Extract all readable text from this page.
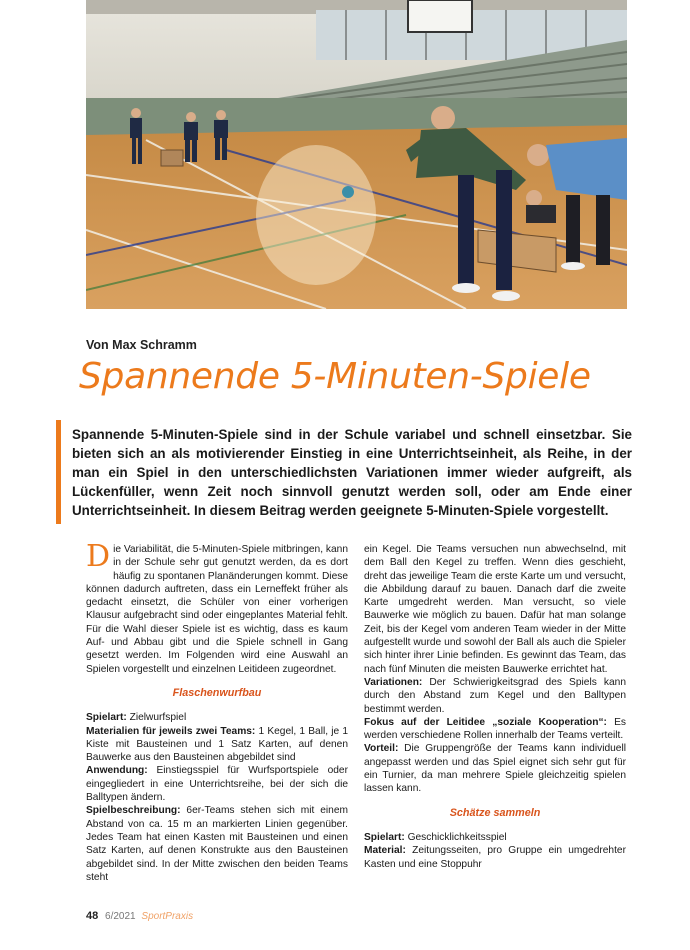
Von Max Schramm
Spannende 5-Minuten-Spiele
Spannende 5-Minuten-Spiele sind in der Schule variabel und schnell einsetzbar. Sie bieten sich an als motivierender Einstieg in eine Unterrichtseinheit, als Reihe, in der man ein Spiel in den unterschiedlichsten Variationen immer wieder aufgreift, als Lückenfüller, wenn Zeit noch sinnvoll genutzt werden soll, oder am Ende einer Unterrichtseinheit. In diesem Beitrag werden geeignete 5-Minuten-Spiele vorgestellt.

Die Variabilität, die 5-Minuten-Spiele mitbringen, kann in der Schule sehr gut genutzt werden, da es dort häufig zu spontanen Planänderungen kommt. Diese können dadurch auftreten, dass ein Lerneffekt früher als gedacht einsetzt, die Schüler von einer vorherigen Klausur aufgebracht sind oder eingeplantes Material fehlt. Für die Wahl dieser Spiele ist es wichtig, dass es kaum Auf- und Abbau gibt und die Spiele schnell in Gang gesetzt werden. Im Folgenden wird eine Auswahl an Spielen vorgestellt und einzelnen Leitideen zugeordnet.

Flaschenwurfbau

Spielart: Zielwurfspiel

Materialien für jeweils zwei Teams: 1 Kegel, 1 Ball, je 1 Kiste mit Bausteinen und 1 Satz Karten, auf denen Bauwerke aus den Bausteinen abgebildet sind

Anwendung: Einstiegsspiel für Wurfsportspiele oder eingegliedert in eine Unterrichtsreihe, bei der sich die Balltypen ändern.

Spielbeschreibung: 6er-Teams stehen sich mit einem Abstand von ca. 15 m an markierten Linien gegenüber. Jedes Team hat einen Kasten mit Bausteinen und einen Satz Karten, auf denen Konstrukte aus den Bausteinen abgebildet sind. In der Mitte zwischen den beiden Teams steht

ein Kegel. Die Teams versuchen nun abwechselnd, mit dem Ball den Kegel zu treffen. Wenn dies geschieht, dreht das jeweilige Team die erste Karte um und versucht, die Abbildung darauf zu bauen. Danach darf die zweite Karte umgedreht werden. Man versucht, so viele Bauwerke wie möglich zu bauen. Dafür hat man solange Zeit, bis der Kegel vom anderen Team wieder in der Mitte aufgestellt wurde und sowohl der Ball als auch die Spieler sich hinter ihrer Linie befinden. Es gewinnt das Team, das nach fünf Minuten die meisten Bauwerke errichtet hat.

Variationen: Der Schwierigkeitsgrad des Spiels kann durch den Abstand zum Kegel und den Balltypen bestimmt werden.

Fokus auf der Leitidee „soziale Kooperation“: Es werden verschiedene Rollen innerhalb der Teams verteilt.

Vorteil: Die Gruppengröße der Teams kann individuell angepasst werden und das Spiel eignet sich sehr gut für ein Turnier, da man mehrere Spiele gleichzeitig spielen lassen kann.

Schätze sammeln

Spielart: Geschicklichkeitsspiel

Material: Zeitungsseiten, pro Gruppe ein umgedrehter Kasten und eine Stoppuhr

48 6/2021 SportPraxis
